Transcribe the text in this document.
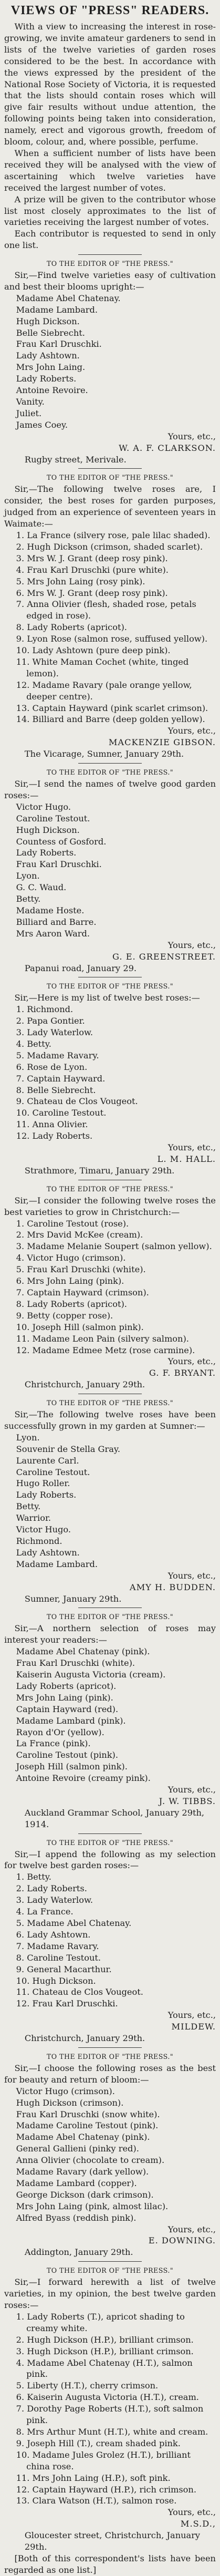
VIEWS OF "PRESS" READERS.

With a view to increasing the interest in rose-growing, we invite amateur gardeners to send in lists of the twelve varieties of garden roses considered to be the best. In accordance with the views expressed by the president of the National Rose Society of Victoria, it is requested that the lists should contain roses which will give fair results without undue attention, the following points being taken into consideration, namely, erect and vigorous growth, freedom of bloom, colour, and, where possible, perfume.

When a sufficient number of lists have been received they will be analysed with the view of ascertaining which twelve varieties have received the largest number of votes.

A prize will be given to the contributor whose list most closely approximates to the list of varieties receiving the largest number of votes.

Each contributor is requested to send in only one list.

TO THE EDITOR OF "THE PRESS."

Sir,—Find twelve varieties easy of cultivation and best their blooms upright:—

Madame Abel Chatenay.
Madame Lambard.
Hugh Dickson.
Belle Siebrecht.
Frau Karl Druschki.
Lady Ashtown.
Mrs John Laing.
Lady Roberts.
Antoine Revoire.
Vanity.
Juliet.
James Coey.
Yours, etc.,
W. A. F. CLARKSON.
Rugby street, Merivale.
TO THE EDITOR OF "THE PRESS."

Sir,—The following twelve roses are, I consider, the best roses for garden purposes, judged from an experience of seventeen years in Waimate:—

1. La France (silvery rose, pale lilac shaded).
2. Hugh Dickson (crimson, shaded scarlet).
3. Mrs W. J. Grant (deep rosy pink).
4. Frau Karl Druschki (pure white).
5. Mrs John Laing (rosy pink).
6. Mrs W. J. Grant (deep rosy pink).
7. Anna Olivier (flesh, shaded rose, petals edged in rose).
8. Lady Roberts (apricot).
9. Lyon Rose (salmon rose, suffused yellow).
10. Lady Ashtown (pure deep pink).
11. White Maman Cochet (white, tinged lemon).
12. Madame Ravary (pale orange yellow, deeper centre).
13. Captain Hayward (pink scarlet crimson).
14. Billiard and Barre (deep golden yellow).
Yours, etc.,
MACKENZIE GIBSON.
The Vicarage, Sumner, January 29th.
TO THE EDITOR OF "THE PRESS."

Sir,—I send the names of twelve good garden roses:—

Victor Hugo.
Caroline Testout.
Hugh Dickson.
Countess of Gosford.
Lady Roberts.
Frau Karl Druschki.
Lyon.
G. C. Waud.
Betty.
Madame Hoste.
Billiard and Barre.
Mrs Aaron Ward.
Yours, etc.,
G. E. GREENSTREET.
Papanui road, January 29.
TO THE EDITOR OF "THE PRESS."

Sir,—Here is my list of twelve best roses:—

1. Richmond.
2. Papa Gontier.
3. Lady Waterlow.
4. Betty.
5. Madame Ravary.
6. Rose de Lyon.
7. Captain Hayward.
8. Belle Siebrecht.
9. Chateau de Clos Vougeot.
10. Caroline Testout.
11. Anna Olivier.
12. Lady Roberts.
Yours, etc.,
L. M. HALL.
Strathmore, Timaru, January 29th.
TO THE EDITOR OF "THE PRESS."

Sir,—I consider the following twelve roses the best varieties to grow in Christchurch:—

1. Caroline Testout (rose).
2. Mrs David McKee (cream).
3. Madame Melanie Soupert (salmon yellow).
4. Victor Hugo (crimson).
5. Frau Karl Druschki (white).
6. Mrs John Laing (pink).
7. Captain Hayward (crimson).
8. Lady Roberts (apricot).
9. Betty (copper rose).
10. Joseph Hill (salmon pink).
11. Madame Leon Pain (silvery salmon).
12. Madame Edmee Metz (rose carmine).
Yours, etc.,
G. F. BRYANT.
Christchurch, January 29th.
TO THE EDITOR OF "THE PRESS."

Sir,—The following twelve roses have been successfully grown in my garden at Sumner:—

Lyon.
Souvenir de Stella Gray.
Laurente Carl.
Caroline Testout.
Hugo Roller.
Lady Roberts.
Betty.
Warrior.
Victor Hugo.
Richmond.
Lady Ashtown.
Madame Lambard.
Yours, etc.,
AMY H. BUDDEN.
Sumner, January 29th.
TO THE EDITOR OF "THE PRESS."

Sir,—A northern selection of roses may interest your readers:—

Madame Abel Chatenay (pink).
Frau Karl Druschki (white).
Kaiserin Augusta Victoria (cream).
Lady Roberts (apricot).
Mrs John Laing (pink).
Captain Hayward (red).
Madame Lambard (pink).
Rayon d'Or (yellow).
La France (pink).
Caroline Testout (pink).
Joseph Hill (salmon pink).
Antoine Revoire (creamy pink).
Yours, etc.,
J. W. TIBBS.
Auckland Grammar School, January 29th, 1914.
TO THE EDITOR OF "THE PRESS."

Sir,—I append the following as my selection for twelve best garden roses:—

1. Betty.
2. Lady Roberts.
3. Lady Waterlow.
4. La France.
5. Madame Abel Chatenay.
6. Lady Ashtown.
7. Madame Ravary.
8. Caroline Testout.
9. General Macarthur.
10. Hugh Dickson.
11. Chateau de Clos Vougeot.
12. Frau Karl Druschki.
Yours, etc.,
MILDEW.
Christchurch, January 29th.
TO THE EDITOR OF "THE PRESS."

Sir,—I choose the following roses as the best for beauty and return of bloom:—

Victor Hugo (crimson).
Hugh Dickson (crimson).
Frau Karl Druschki (snow white).
Madame Caroline Testout (pink).
Madame Abel Chatenay (pink).
General Gallieni (pinky red).
Anna Olivier (chocolate to cream).
Madame Ravary (dark yellow).
Madame Lambard (copper).
George Dickson (dark crimson).
Mrs John Laing (pink, almost lilac).
Alfred Byass (reddish pink).
Yours, etc.,
E. DOWNING.
Addington, January 29th.
TO THE EDITOR OF "THE PRESS."

Sir,—I forward herewith a list of twelve varieties, in my opinion, the best twelve garden roses:—

1. Lady Roberts (T.), apricot shading to creamy white.
2. Hugh Dickson (H.P.), brilliant crimson.
3. Hugh Dickson (H.P.), brilliant crimson.
4. Madame Abel Chatenay (H.T.), salmon pink.
5. Liberty (H.T.), cherry crimson.
6. Kaiserin Augusta Victoria (H.T.), cream.
7. Dorothy Page Roberts (H.T.), soft salmon pink.
8. Mrs Arthur Munt (H.T.), white and cream.
9. Joseph Hill (T.), cream shaded pink.
10. Madame Jules Grolez (H.T.), brilliant china rose.
11. Mrs John Laing (H.P.), soft pink.
12. Captain Hayward (H.P.), rich crimson.
13. Clara Watson (H.T.), salmon rose.
Yours, etc.,
M.S.D.,
Gloucester street, Christchurch, January 29th.

[Both of this correspondent's lists have been regarded as one list.]
